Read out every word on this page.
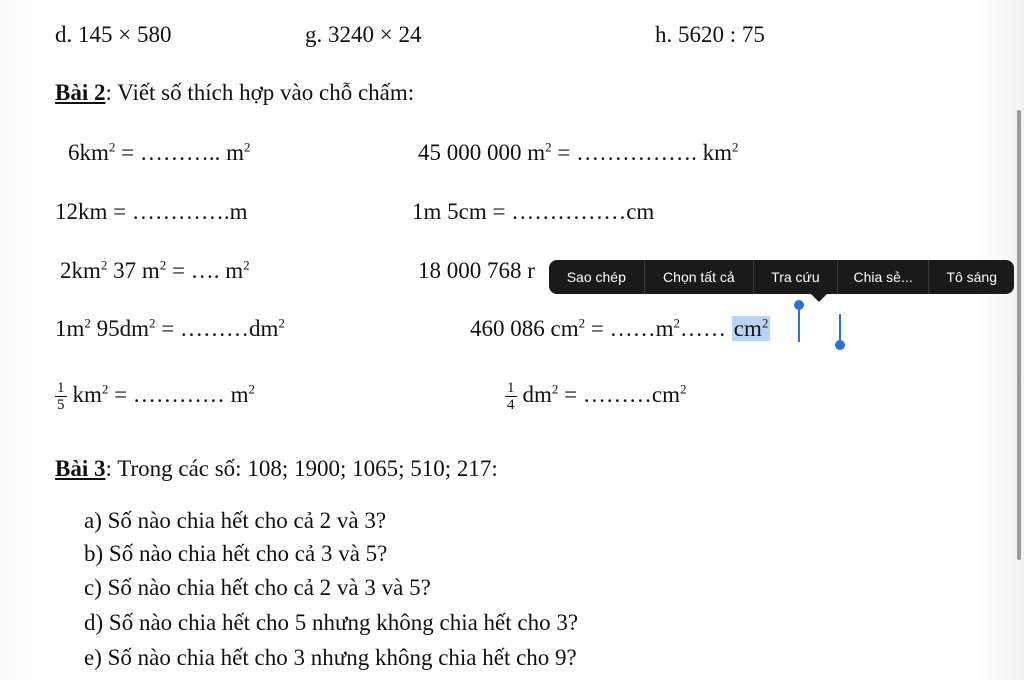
d. 145 × 580	g. 3240 × 24	h. 5620 : 75
Bài 2: Viết số thích hợp vào chỗ chấm:
$6km^2$ = ……….. $m^2$	45 000 000 $m^2$ = ……………. $km^2$
12km = ………….m	1m 5cm = ……………cm
$2km^2$ 37 $m^2$ = …. $m^2$	18 000 768 r
$1m^2$ $95dm^2$ = $\dots\dots\dots dm^2$	460 086 $cm^2$ = $\dots\dots m^2\dots\dots$ $cm^2$
$\frac{1}{5} km^2$ = ………… $m^2$	$\frac{1}{4} dm^2$ = $\dots\dots\dots cm^2$
Bài 3: Trong các số: 108; 1900; 1065; 510; 217:
a) Số nào chia hết cho cả 2 và 3?
b) Số nào chia hết cho cả 3 và 5?
c) Số nào chia hết cho cả 2 và 3 và 5?
d) Số nào chia hết cho 5 nhưng không chia hết cho 3?
e) Số nào chia hết cho 3 nhưng không chia hết cho 9?
Sao chép	Chọn tất cả	Tra cứu	Chia sẻ...	Tô sáng
